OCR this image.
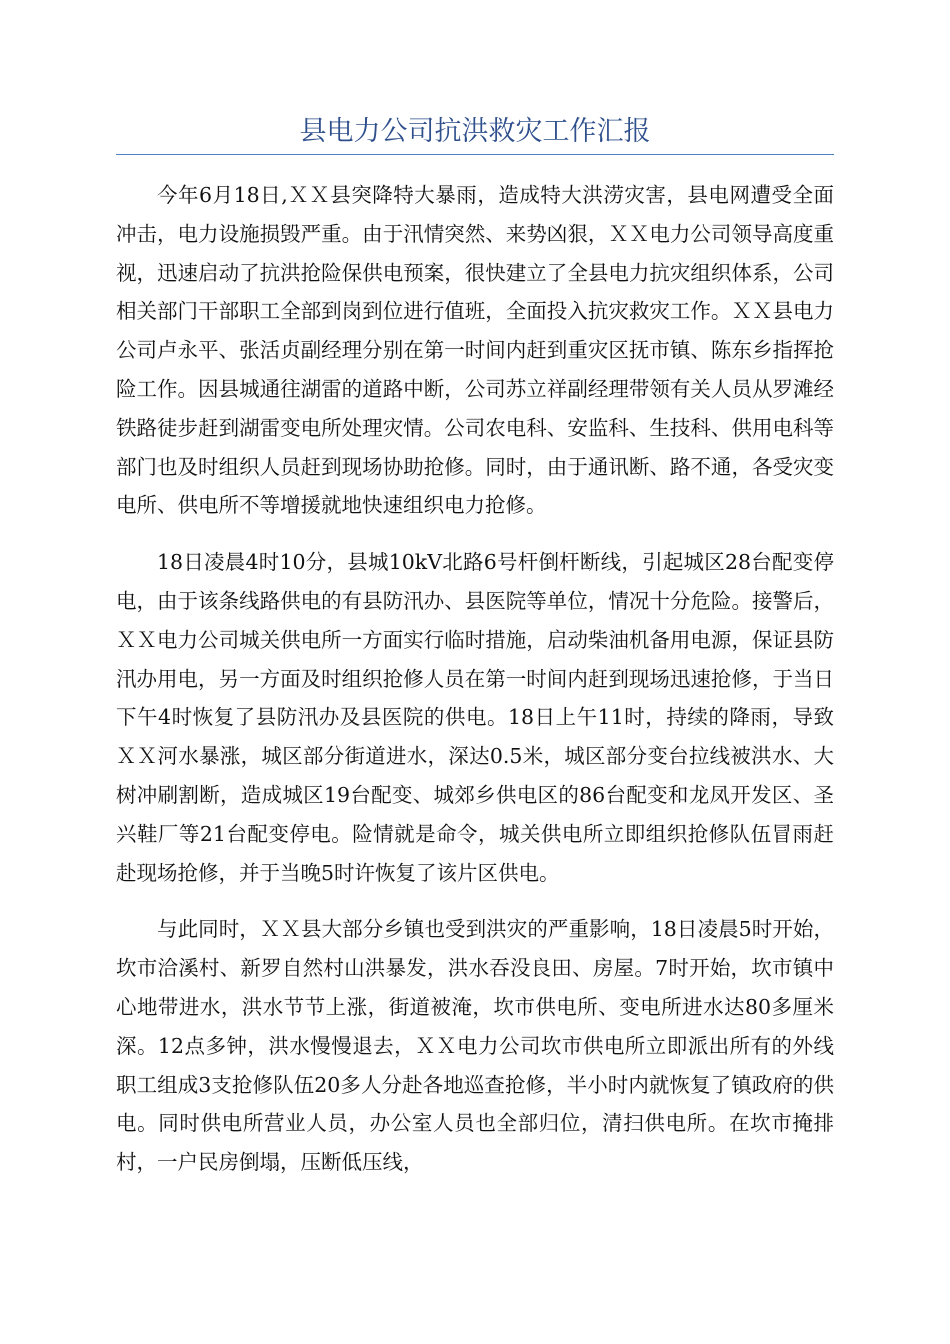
县电力公司抗洪救灾工作汇报

今年6月18日,ＸＸ县突降特大暴雨，造成特大洪涝灾害，县电网遭受全面冲击，电力设施损毁严重。由于汛情突然、来势凶狠，ＸＸ电力公司领导高度重视，迅速启动了抗洪抢险保供电预案，很快建立了全县电力抗灾组织体系，公司相关部门干部职工全部到岗到位进行值班，全面投入抗灾救灾工作。ＸＸ县电力公司卢永平、张活贞副经理分别在第一时间内赶到重灾区抚市镇、陈东乡指挥抢险工作。因县城通往湖雷的道路中断，公司苏立祥副经理带领有关人员从罗滩经铁路徒步赶到湖雷变电所处理灾情。公司农电科、安监科、生技科、供用电科等部门也及时组织人员赶到现场协助抢修。同时，由于通讯断、路不通，各受灾变电所、供电所不等增援就地快速组织电力抢修。

18日凌晨4时10分，县城10kV北路6号杆倒杆断线，引起城区28台配变停电，由于该条线路供电的有县防汛办、县医院等单位，情况十分危险。接警后，ＸＸ电力公司城关供电所一方面实行临时措施，启动柴油机备用电源，保证县防汛办用电，另一方面及时组织抢修人员在第一时间内赶到现场迅速抢修，于当日下午4时恢复了县防汛办及县医院的供电。18日上午11时，持续的降雨，导致ＸＸ河水暴涨，城区部分街道进水，深达0.5米，城区部分变台拉线被洪水、大树冲刷割断，造成城区19台配变、城郊乡供电区的86台配变和龙凤开发区、圣兴鞋厂等21台配变停电。险情就是命令，城关供电所立即组织抢修队伍冒雨赶赴现场抢修，并于当晚5时许恢复了该片区供电。

与此同时，ＸＸ县大部分乡镇也受到洪灾的严重影响，18日凌晨5时开始，坎市洽溪村、新罗自然村山洪暴发，洪水吞没良田、房屋。7时开始，坎市镇中心地带进水，洪水节节上涨，街道被淹，坎市供电所、变电所进水达80多厘米深。12点多钟，洪水慢慢退去，ＸＸ电力公司坎市供电所立即派出所有的外线职工组成3支抢修队伍20多人分赴各地巡查抢修，半小时内就恢复了镇政府的供电。同时供电所营业人员，办公室人员也全部归位，清扫供电所。在坎市掩排村，一户民房倒塌，压断低压线，
